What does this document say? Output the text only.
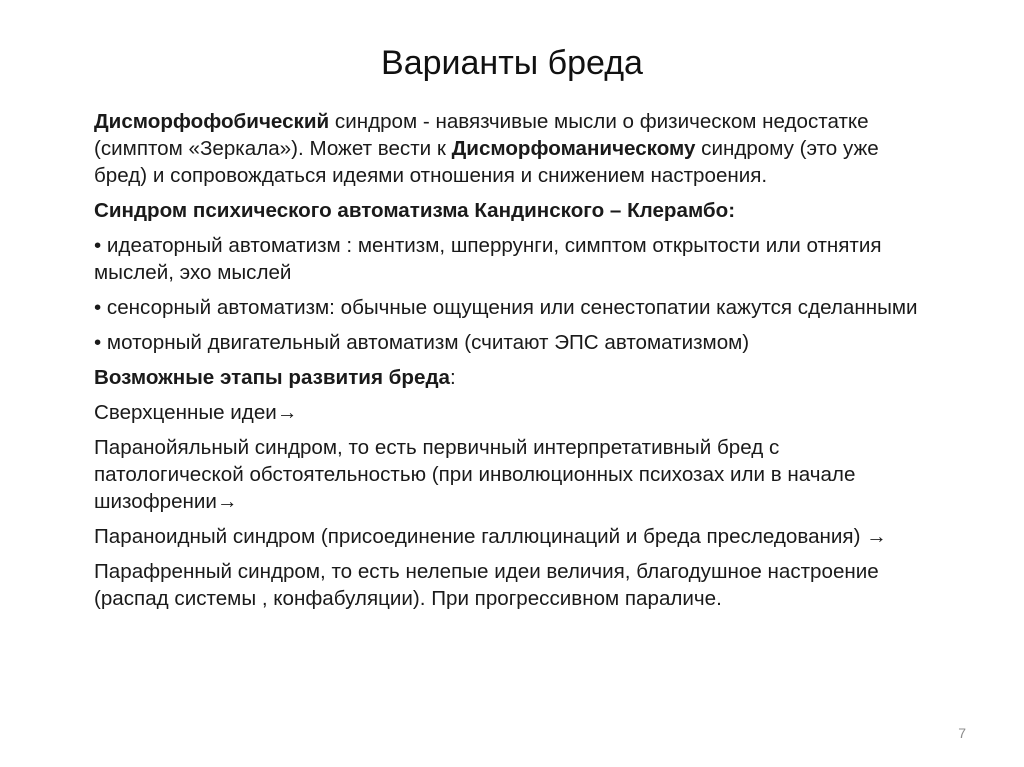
Варианты бреда

Дисморфофобический синдром - навязчивые мысли о физическом недостатке (симптом «Зеркала»). Может вести к Дисморфоманическому синдрому (это уже бред) и сопровождаться идеями отношения и снижением настроения.

Синдром психического автоматизма Кандинского – Клерамбо:

• идеаторный автоматизм : ментизм, шперрунги, симптом открытости или отнятия мыслей, эхо мыслей

• сенсорный автоматизм: обычные ощущения или сенестопатии кажутся сделанными

• моторный двигательный автоматизм (считают ЭПС автоматизмом)

Возможные этапы развития бреда:

Сверхценные идеи→

Паранойяльный синдром, то есть первичный интерпретативный бред с патологической обстоятельностью (при инволюционных психозах или в начале шизофрении→

Параноидный синдром (присоединение галлюцинаций и бреда преследования) →

Парафренный синдром, то есть нелепые идеи величия, благодушное настроение (распад системы , конфабуляции). При прогрессивном параличе.

7
